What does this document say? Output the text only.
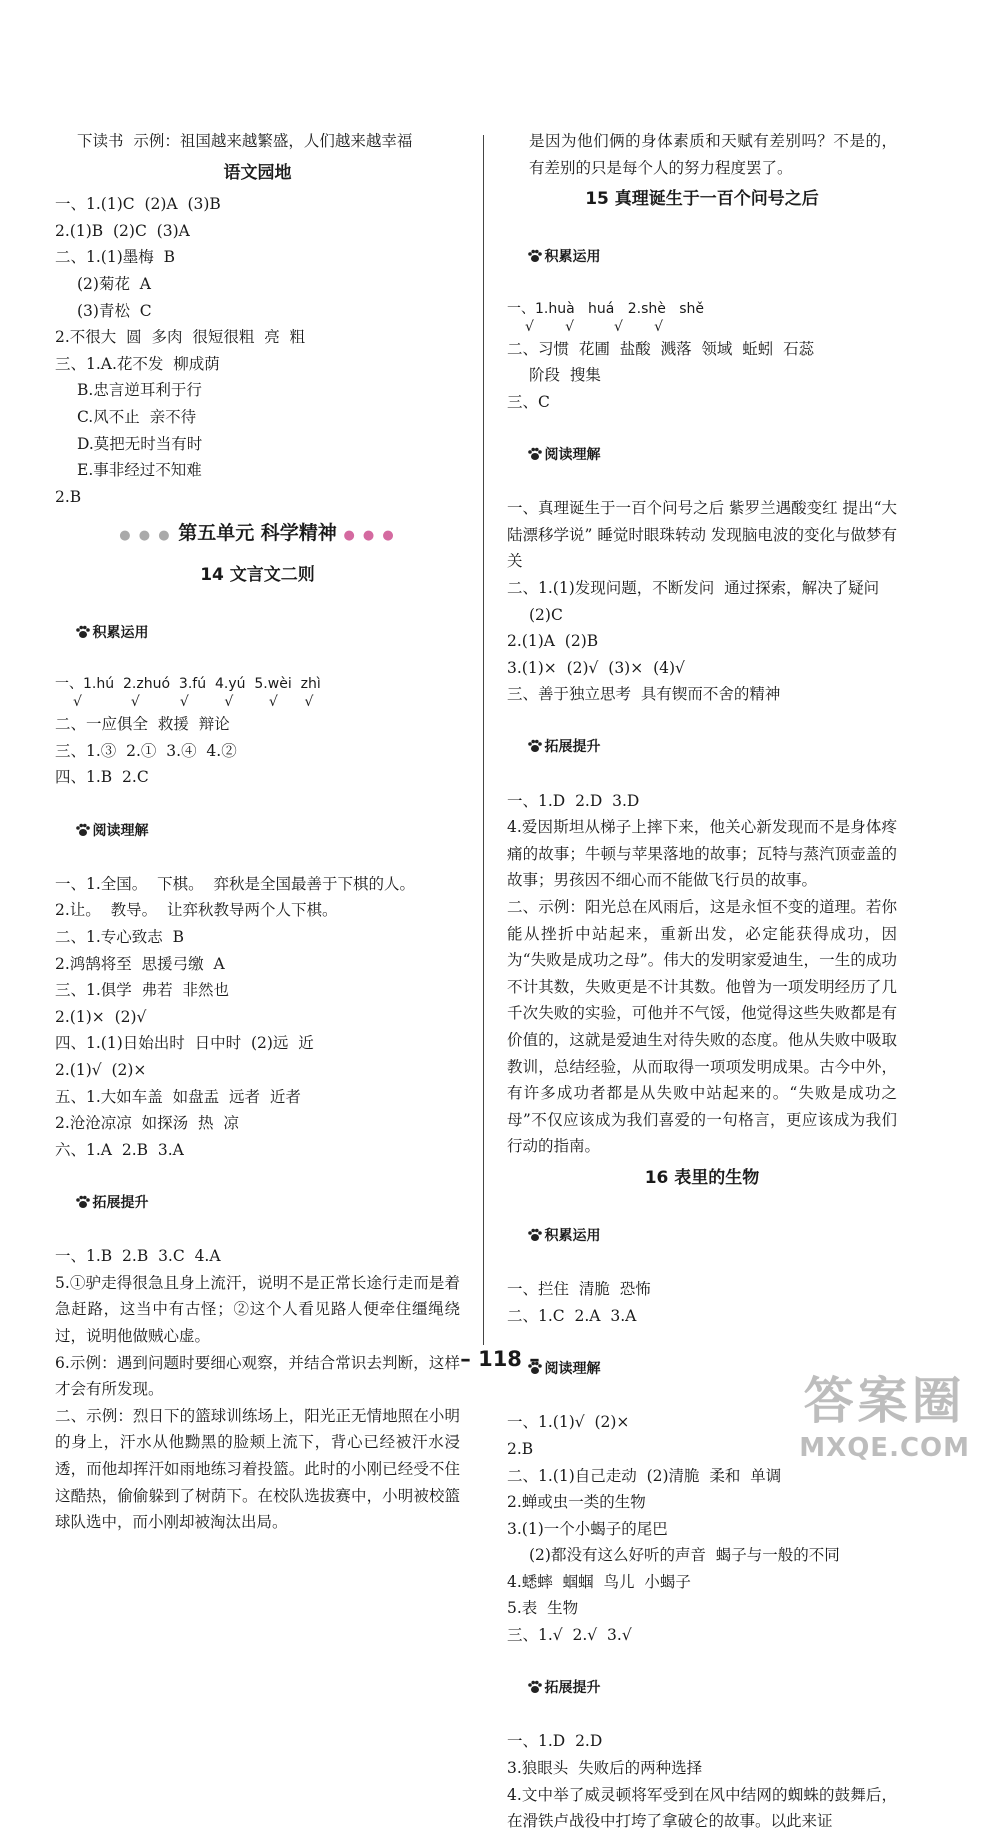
下读书  示例：祖国越来越繁盛，人们越来越幸福
语文园地
一、1.(1)C  (2)A  (3)B
2.(1)B  (2)C  (3)A
二、1.(1)墨梅  B
(2)菊花  A
(3)青松  C
2.不很大  圆  多肉  很短很粗  亮  粗
三、1.A.花不发  柳成荫
B.忠言逆耳利于行
C.风不止  亲不待
D.莫把无时当有时
E.事非经过不知难
2.B
● ● ● 第五单元 科学精神 ● ● ●
14 文言文二则

积累运用

一、1.hú  2.zhuó  3.fú  4.yú  5.wèi  zhì
√           √         √        √        √      √
二、一应俱全  救援  辩论
三、1.③  2.①  3.④  4.②
四、1.B  2.C

阅读理解

一、1.全国。  下棋。  弈秋是全国最善于下棋的人。
2.让。  教导。  让弈秋教导两个人下棋。
二、1.专心致志  B
2.鸿鹄将至  思援弓缴  A
三、1.俱学  弗若  非然也
2.(1)×  (2)√
四、1.(1)日始出时  日中时  (2)远  近
2.(1)√  (2)×
五、1.大如车盖  如盘盂  远者  近者
2.沧沧凉凉  如探汤  热  凉
六、1.A  2.B  3.A

拓展提升

一、1.B  2.B  3.C  4.A
5.①驴走得很急且身上流汗，说明不是正常长途行走而是着急赶路，这当中有古怪；②这个人看见路人便牵住缰绳绕过，说明他做贼心虚。
6.示例：遇到问题时要细心观察，并结合常识去判断，这样才会有所发现。
二、示例：烈日下的篮球训练场上，阳光正无情地照在小明的身上，汗水从他黝黑的脸颊上流下，背心已经被汗水浸透，而他却挥汗如雨地练习着投篮。此时的小刚已经受不住这酷热，偷偷躲到了树荫下。在校队选拔赛中，小明被校篮球队选中，而小刚却被淘汰出局。
是因为他们俩的身体素质和天赋有差别吗？不是的，有差别的只是每个人的努力程度罢了。
15 真理诞生于一百个问号之后

积累运用

一、1.huà   huá   2.shè   shě
√       √         √       √
二、习惯  花圃  盐酸  溅落  领域  蚯蚓  石蕊
阶段  搜集
三、C

阅读理解

一、真理诞生于一百个问号之后 紫罗兰遇酸变红 提出“大陆漂移学说” 睡觉时眼珠转动 发现脑电波的变化与做梦有关
二、1.(1)发现问题，不断发问  通过探索，解决了疑问
(2)C
2.(1)A  (2)B
3.(1)×  (2)√  (3)×  (4)√
三、善于独立思考  具有锲而不舍的精神

拓展提升

一、1.D  2.D  3.D
4.爱因斯坦从梯子上摔下来，他关心新发现而不是身体疼痛的故事；牛顿与苹果落地的故事；瓦特与蒸汽顶壶盖的故事；男孩因不细心而不能做飞行员的故事。
二、示例：阳光总在风雨后，这是永恒不变的道理。若你能从挫折中站起来，重新出发，必定能获得成功，因为“失败是成功之母”。伟大的发明家爱迪生，一生的成功不计其数，失败更是不计其数。他曾为一项发明经历了几千次失败的实验，可他并不气馁，他觉得这些失败都是有价值的，这就是爱迪生对待失败的态度。他从失败中吸取教训，总结经验，从而取得一项项发明成果。古今中外，有许多成功者都是从失败中站起来的。“失败是成功之母”不仅应该成为我们喜爱的一句格言，更应该成为我们行动的指南。
16 表里的生物

积累运用

一、拦住  清脆  恐怖
二、1.C  2.A  3.A

阅读理解

一、1.(1)√  (2)×
2.B
二、1.(1)自己走动  (2)清脆  柔和  单调
2.蝉或虫一类的生物
3.(1)一个小蝎子的尾巴
(2)都没有这么好听的声音  蝎子与一般的不同
4.蟋蟀  蝈蝈  鸟儿  小蝎子
5.表  生物
三、1.√  2.√  3.√

拓展提升

一、1.D  2.D
3.狼眼头  失败后的两种选择
4.文中举了威灵顿将军受到在风中结网的蜘蛛的鼓舞后，在滑铁卢战役中打垮了拿破仑的故事。以此来证
– 118 –
答案圈
MXQE.COM
